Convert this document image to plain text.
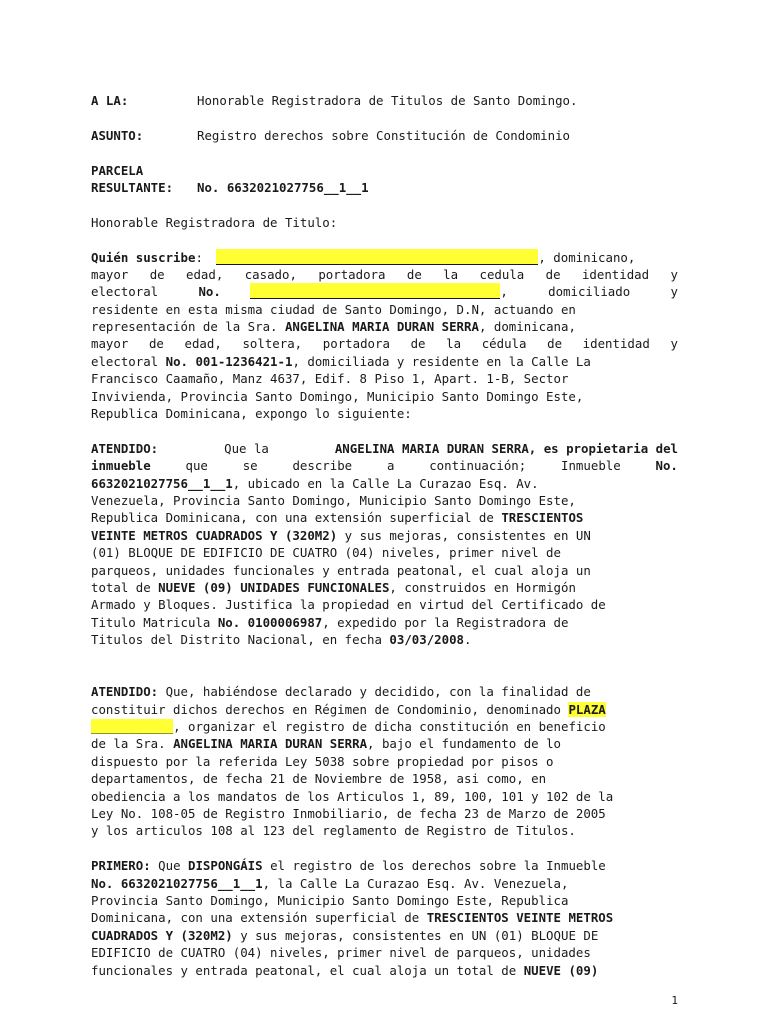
A LA:	Honorable Registradora de Titulos de Santo Domingo.
ASUNTO:	Registro derechos sobre Constitución de Condominio
PARCELA
RESULTANTE: No. 6632021027756__1__1
Honorable Registradora de Titulo:
Quién suscribe:	, dominicano,
mayor de edad, casado, portadora de la cedula de identidad y
electoral	No.	,	domiciliado	y
residente en esta misma ciudad de Santo Domingo, D.N, actuando en
representación de la Sra. ANGELINA MARIA DURAN SERRA, dominicana,
mayor de edad, soltera, portadora de la cédula de identidad y
electoral No. 001-1236421-1, domiciliada y residente en la Calle La
Francisco Caamaño, Manz 4637, Edif. 8 Piso 1, Apart. 1-B, Sector
Invivienda, Provincia Santo Domingo, Municipio Santo Domingo Este,
Republica Dominicana, expongo lo siguiente:
ATENDIDO:	Que la	ANGELINA MARIA DURAN SERRA, es propietaria del
inmueble	que	se	describe	a	continuación;	Inmueble	No.
6632021027756__1__1, ubicado en la Calle La Curazao Esq. Av.
Venezuela, Provincia Santo Domingo, Municipio Santo Domingo Este,
Republica Dominicana, con una extensión superficial de TRESCIENTOS
VEINTE METROS CUADRADOS Y (320M2) y sus mejoras, consistentes en UN
(01) BLOQUE DE EDIFICIO DE CUATRO (04) niveles, primer nivel de
parqueos, unidades funcionales y entrada peatonal, el cual aloja un
total de NUEVE (09) UNIDADES FUNCIONALES, construidos en Hormigón
Armado y Bloques. Justifica la propiedad en virtud del Certificado de
Titulo Matricula No. 0100006987, expedido por la Registradora de
Titulos del Distrito Nacional, en fecha 03/03/2008.
ATENDIDO: Que, habiéndose declarado y decidido, con la finalidad de
constituir dichos derechos en Régimen de Condominio, denominado PLAZA
___________, organizar el registro de dicha constitución en beneficio
de la Sra. ANGELINA MARIA DURAN SERRA, bajo el fundamento de lo
dispuesto por la referida Ley 5038 sobre propiedad por pisos o
departamentos, de fecha 21 de Noviembre de 1958, asi como, en
obediencia a los mandatos de los Articulos 1, 89, 100, 101 y 102 de la
Ley No. 108-05 de Registro Inmobiliario, de fecha 23 de Marzo de 2005
y los articulos 108 al 123 del reglamento de Registro de Titulos.
PRIMERO: Que DISPONGÁIS el registro de los derechos sobre la Inmueble
No. 6632021027756__1__1, la Calle La Curazao Esq. Av. Venezuela,
Provincia Santo Domingo, Municipio Santo Domingo Este, Republica
Dominicana, con una extensión superficial de TRESCIENTOS VEINTE METROS
CUADRADOS Y (320M2) y sus mejoras, consistentes en UN (01) BLOQUE DE
EDIFICIO de CUATRO (04) niveles, primer nivel de parqueos, unidades
funcionales y entrada peatonal, el cual aloja un total de NUEVE (09)
1
